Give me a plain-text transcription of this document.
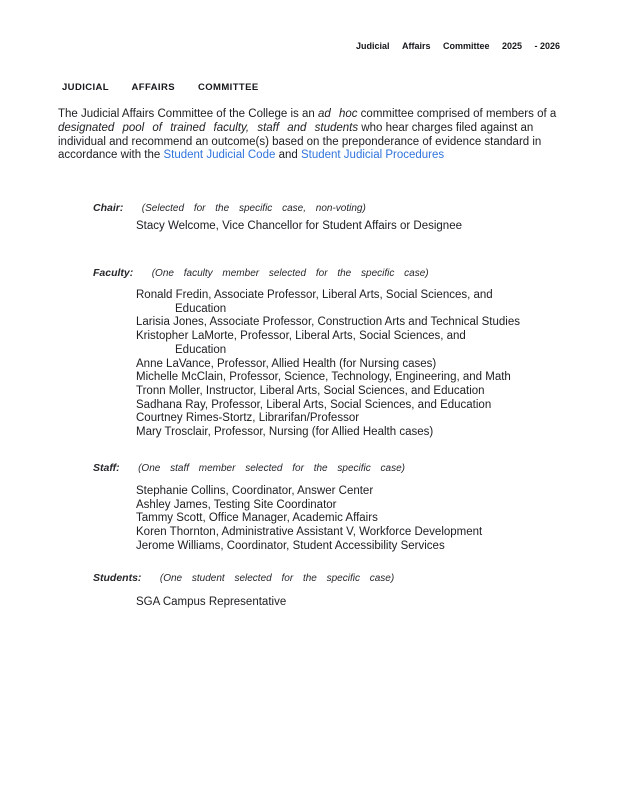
Judicial Affairs Committee 2025 - 2026
JUDICIAL AFFAIRS COMMITTEE
The Judicial Affairs Committee of the College is an ad hoc committee comprised of members of a designated pool of trained faculty, staff and students who hear charges filed against an individual and recommend an outcome(s) based on the preponderance of evidence standard in accordance with the Student Judicial Code and Student Judicial Procedures
Chair: (Selected for the specific case, non-voting)
Stacy Welcome, Vice Chancellor for Student Affairs or Designee
Faculty: (One faculty member selected for the specific case)
Ronald Fredin, Associate Professor, Liberal Arts, Social Sciences, and
Education
Larisia Jones, Associate Professor, Construction Arts and Technical Studies
Kristopher LaMorte, Professor, Liberal Arts, Social Sciences, and
Education
Anne LaVance, Professor, Allied Health (for Nursing cases)
Michelle McClain, Professor, Science, Technology, Engineering, and Math
Tronn Moller, Instructor, Liberal Arts, Social Sciences, and Education
Sadhana Ray, Professor, Liberal Arts, Social Sciences, and Education
Courtney Rimes-Stortz, Librarifan/Professor
Mary Trosclair, Professor, Nursing (for Allied Health cases)
Staff: (One staff member selected for the specific case)
Stephanie Collins, Coordinator, Answer Center
Ashley James, Testing Site Coordinator
Tammy Scott, Office Manager, Academic Affairs
Koren Thornton, Administrative Assistant V, Workforce Development
Jerome Williams, Coordinator, Student Accessibility Services
Students: (One student selected for the specific case)
SGA Campus Representative
